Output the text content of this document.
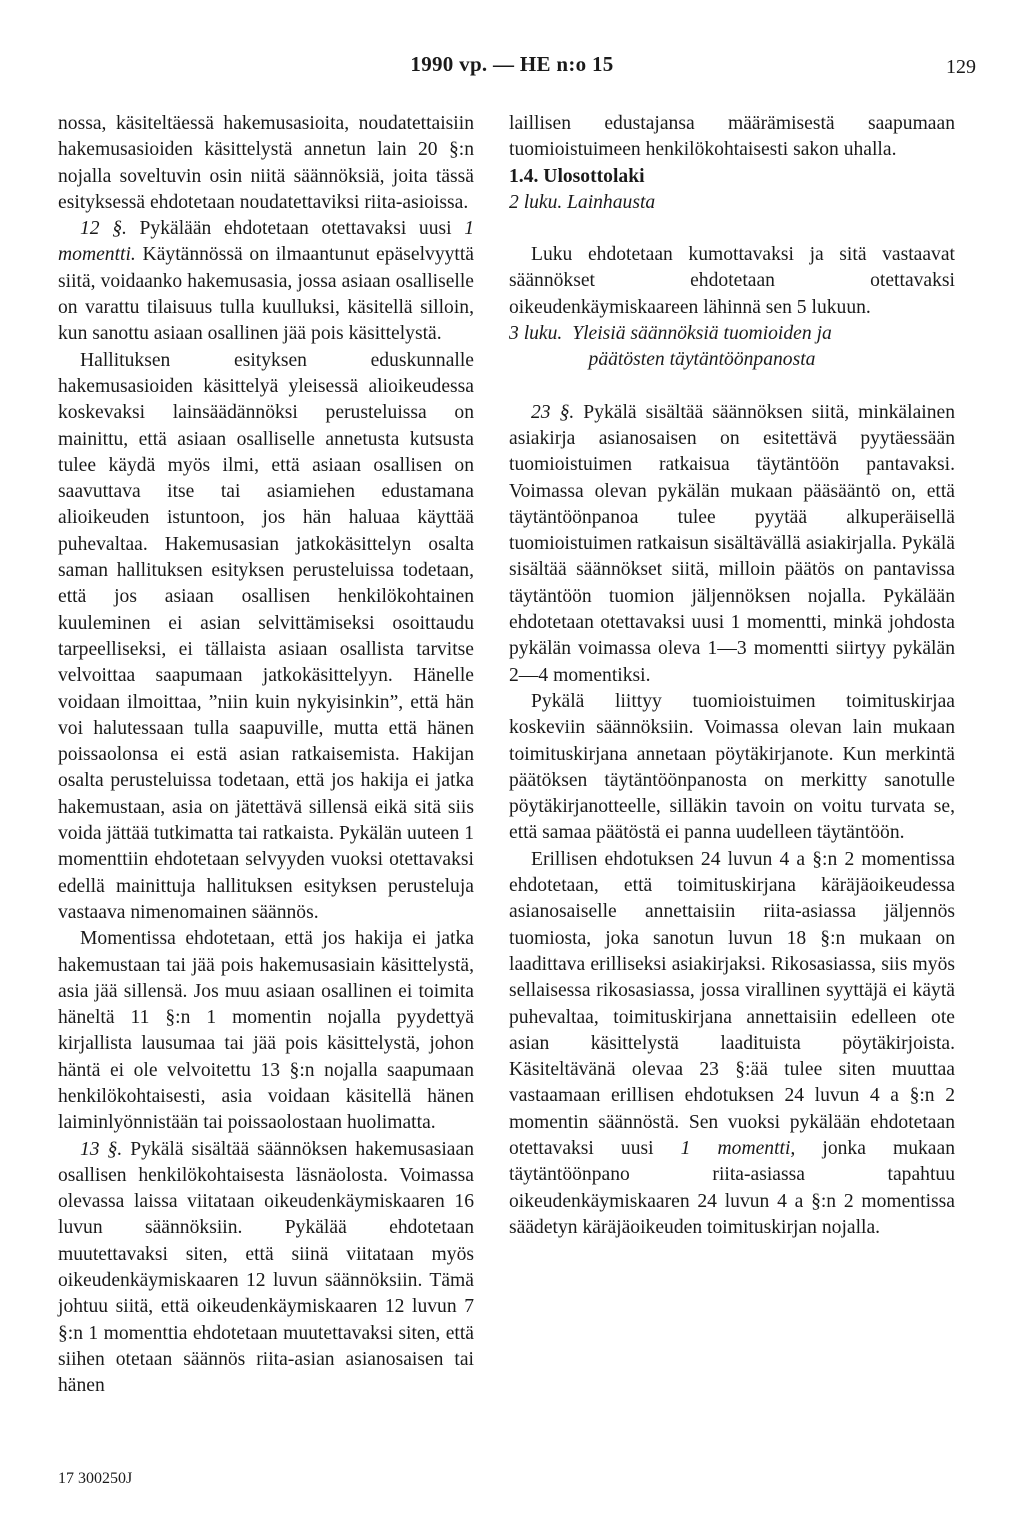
1990 vp. — HE n:o 15	129

nossa, käsiteltäessä hakemusasioita, noudatettaisiin hakemusasioiden käsittelystä annetun lain 20 §:n nojalla soveltuvin osin niitä säännöksiä, joita tässä esityksessä ehdotetaan noudatettaviksi riita-asioissa.

12 §. Pykälään ehdotetaan otettavaksi uusi 1 momentti. Käytännössä on ilmaantunut epäselvyyttä siitä, voidaanko hakemusasia, jossa asiaan osalliselle on varattu tilaisuus tulla kuulluksi, käsitellä silloin, kun sanottu asiaan osallinen jää pois käsittelystä.

Hallituksen esityksen eduskunnalle hakemusasioiden käsittelyä yleisessä alioikeudessa koskevaksi lainsäädännöksi perusteluissa on mainittu, että asiaan osalliselle annetusta kutsusta tulee käydä myös ilmi, että asiaan osallisen on saavuttava itse tai asiamiehen edustamana alioikeuden istuntoon, jos hän haluaa käyttää puhevaltaa. Hakemusasian jatkokäsittelyn osalta saman hallituksen esityksen perusteluissa todetaan, että jos asiaan osallisen henkilökohtainen kuuleminen ei asian selvittämiseksi osoittaudu tarpeelliseksi, ei tällaista asiaan osallista tarvitse velvoittaa saapumaan jatkokäsittelyyn. Hänelle voidaan ilmoittaa, ”niin kuin nykyisinkin”, että hän voi halutessaan tulla saapuville, mutta että hänen poissaolonsa ei estä asian ratkaisemista. Hakijan osalta perusteluissa todetaan, että jos hakija ei jatka hakemustaan, asia on jätettävä sillensä eikä sitä siis voida jättää tutkimatta tai ratkaista. Pykälän uuteen 1 momenttiin ehdotetaan selvyyden vuoksi otettavaksi edellä mainittuja hallituksen esityksen perusteluja vastaava nimenomainen säännös.

Momentissa ehdotetaan, että jos hakija ei jatka hakemustaan tai jää pois hakemusasiain käsittelystä, asia jää sillensä. Jos muu asiaan osallinen ei toimita häneltä 11 §:n 1 momentin nojalla pyydettyä kirjallista lausumaa tai jää pois käsittelystä, johon häntä ei ole velvoitettu 13 §:n nojalla saapumaan henkilökohtaisesti, asia voidaan käsitellä hänen laiminlyönnistään tai poissaolostaan huolimatta.

13 §. Pykälä sisältää säännöksen hakemusasiaan osallisen henkilökohtaisesta läsnäolosta. Voimassa olevassa laissa viitataan oikeudenkäymiskaaren 16 luvun säännöksiin. Pykälää ehdotetaan muutettavaksi siten, että siinä viitataan myös oikeudenkäymiskaaren 12 luvun säännöksiin. Tämä johtuu siitä, että oikeudenkäymiskaaren 12 luvun 7 §:n 1 momenttia ehdotetaan muutettavaksi siten, että siihen otetaan säännös riita-asian asianosaisen tai hänen

laillisen edustajansa määrämisestä saapumaan tuomioistuimeen henkilökohtaisesti sakon uhalla.

1.4. Ulosottolaki

2 luku. Lainhausta

Luku ehdotetaan kumottavaksi ja sitä vastaavat säännökset ehdotetaan otettavaksi oikeudenkäymiskaareen lähinnä sen 5 lukuun.

3 luku. Yleisiä säännöksiä tuomioiden ja päätösten täytäntöönpanosta

23 §. Pykälä sisältää säännöksen siitä, minkälainen asiakirja asianosaisen on esitettävä pyytäessään tuomioistuimen ratkaisua täytäntöön pantavaksi. Voimassa olevan pykälän mukaan pääsääntö on, että täytäntöönpanoa tulee pyytää alkuperäisellä tuomioistuimen ratkaisun sisältävällä asiakirjalla. Pykälä sisältää säännökset siitä, milloin päätös on pantavissa täytäntöön tuomion jäljennöksen nojalla. Pykälään ehdotetaan otettavaksi uusi 1 momentti, minkä johdosta pykälän voimassa oleva 1—3 momentti siirtyy pykälän 2—4 momentiksi.

Pykälä liittyy tuomioistuimen toimituskirjaa koskeviin säännöksiin. Voimassa olevan lain mukaan toimituskirjana annetaan pöytäkirjanote. Kun merkintä päätöksen täytäntöönpanosta on merkitty sanotulle pöytäkirjanotteelle, silläkin tavoin on voitu turvata se, että samaa päätöstä ei panna uudelleen täytäntöön.

Erillisen ehdotuksen 24 luvun 4 a §:n 2 momentissa ehdotetaan, että toimituskirjana käräjäoikeudessa asianosaiselle annettaisiin riita-asiassa jäljennös tuomiosta, joka sanotun luvun 18 §:n mukaan on laadittava erilliseksi asiakirjaksi. Rikosasiassa, siis myös sellaisessa rikosasiassa, jossa virallinen syyttäjä ei käytä puhevaltaa, toimituskirjana annettaisiin edelleen ote asian käsittelystä laadituista pöytäkirjoista. Käsiteltävänä olevaa 23 §:ää tulee siten muuttaa vastaamaan erillisen ehdotuksen 24 luvun 4 a §:n 2 momentin säännöstä. Sen vuoksi pykälään ehdotetaan otettavaksi uusi 1 momentti, jonka mukaan täytäntöönpano riita-asiassa tapahtuu oikeudenkäymiskaaren 24 luvun 4 a §:n 2 momentissa säädetyn käräjäoikeuden toimituskirjan nojalla.

17 300250J
